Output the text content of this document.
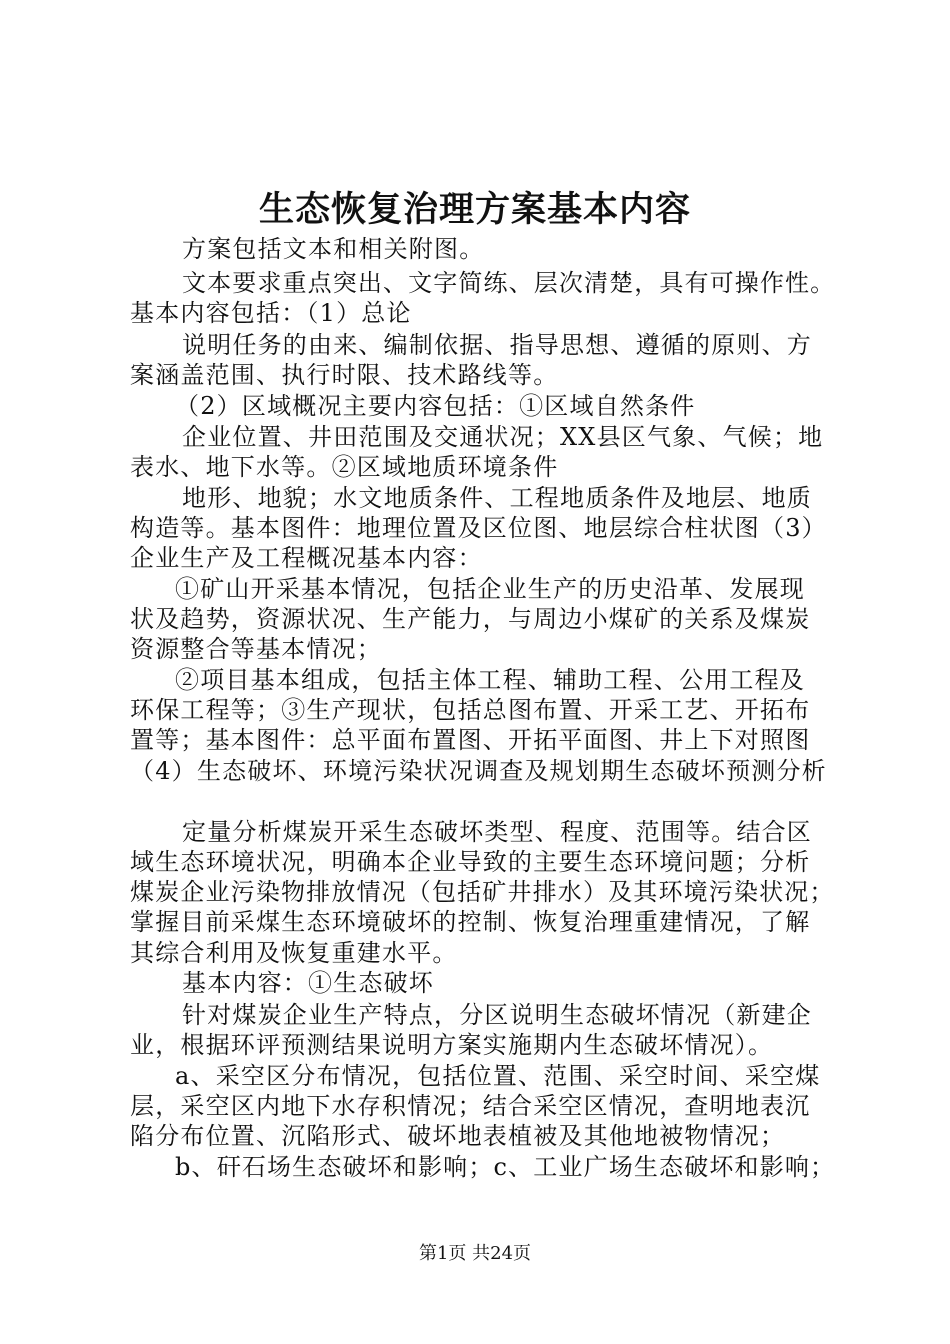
生态恢复治理方案基本内容
方案包括文本和相关附图。
文本要求重点突出、文字简练、层次清楚，具有可操作性。
基本内容包括：（1）总论
说明任务的由来、编制依据、指导思想、遵循的原则、方
案涵盖范围、执行时限、技术路线等。
（2）区域概况主要内容包括：①区域自然条件
企业位置、井田范围及交通状况；XX县区气象、气候；地
表水、地下水等。②区域地质环境条件
地形、地貌；水文地质条件、工程地质条件及地层、地质
构造等。基本图件：地理位置及区位图、地层综合柱状图（3）
企业生产及工程概况基本内容：
①矿山开采基本情况，包括企业生产的历史沿革、发展现
状及趋势，资源状况、生产能力，与周边小煤矿的关系及煤炭
资源整合等基本情况；
②项目基本组成，包括主体工程、辅助工程、公用工程及
环保工程等；③生产现状，包括总图布置、开采工艺、开拓布
置等；基本图件：总平面布置图、开拓平面图、井上下对照图
（4）生态破坏、环境污染状况调查及规划期生态破坏预测分析
定量分析煤炭开采生态破坏类型、程度、范围等。结合区
域生态环境状况，明确本企业导致的主要生态环境问题；分析
煤炭企业污染物排放情况（包括矿井排水）及其环境污染状况；
掌握目前采煤生态环境破坏的控制、恢复治理重建情况，了解
其综合利用及恢复重建水平。
基本内容：①生态破坏
针对煤炭企业生产特点，分区说明生态破坏情况（新建企
业，根据环评预测结果说明方案实施期内生态破坏情况）。
a、采空区分布情况，包括位置、范围、采空时间、采空煤
层，采空区内地下水存积情况；结合采空区情况，查明地表沉
陷分布位置、沉陷形式、破坏地表植被及其他地被物情况；
b、矸石场生态破坏和影响；c、工业广场生态破坏和影响；
第1页 共24页
